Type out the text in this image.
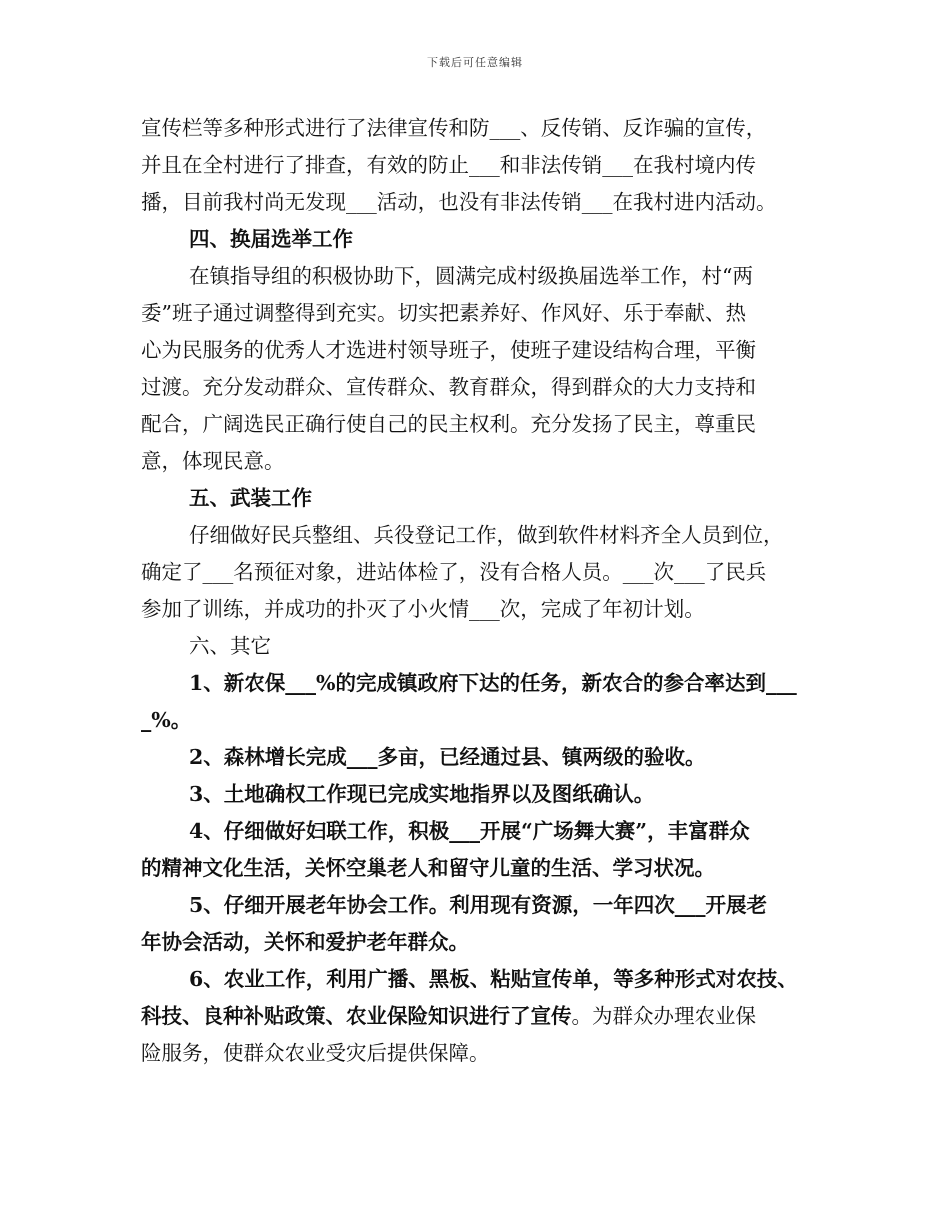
下载后可任意编辑
宣传栏等多种形式进行了法律宣传和防___、反传销、反诈骗的宣传，
并且在全村进行了排查，有效的防止___和非法传销___在我村境内传
播，目前我村尚无发现___活动，也没有非法传销___在我村进内活动。
四、换届选举工作
在镇指导组的积极协助下，圆满完成村级换届选举工作，村“两
委”班子通过调整得到充实。切实把素养好、作风好、乐于奉献、热
心为民服务的优秀人才选进村领导班子，使班子建设结构合理，平衡
过渡。充分发动群众、宣传群众、教育群众，得到群众的大力支持和
配合，广阔选民正确行使自己的民主权利。充分发扬了民主，尊重民
意，体现民意。
五、武装工作
仔细做好民兵整组、兵役登记工作，做到软件材料齐全人员到位，
确定了___名预征对象，进站体检了，没有合格人员。___次___了民兵
参加了训练，并成功的扑灭了小火情___次，完成了年初计划。
六、其它
1、新农保___%的完成镇政府下达的任务，新农合的参合率达到___
_%。
2、森林增长完成___多亩，已经通过县、镇两级的验收。
3、土地确权工作现已完成实地指界以及图纸确认。
4、仔细做好妇联工作，积极___开展“广场舞大赛”，丰富群众
的精神文化生活，关怀空巢老人和留守儿童的生活、学习状况。
5、仔细开展老年协会工作。利用现有资源，一年四次___开展老
年协会活动，关怀和爱护老年群众。
6、农业工作，利用广播、黑板、粘贴宣传单，等多种形式对农技、
科技、良种补贴政策、农业保险知识进行了宣传。为群众办理农业保
险服务，使群众农业受灾后提供保障。
